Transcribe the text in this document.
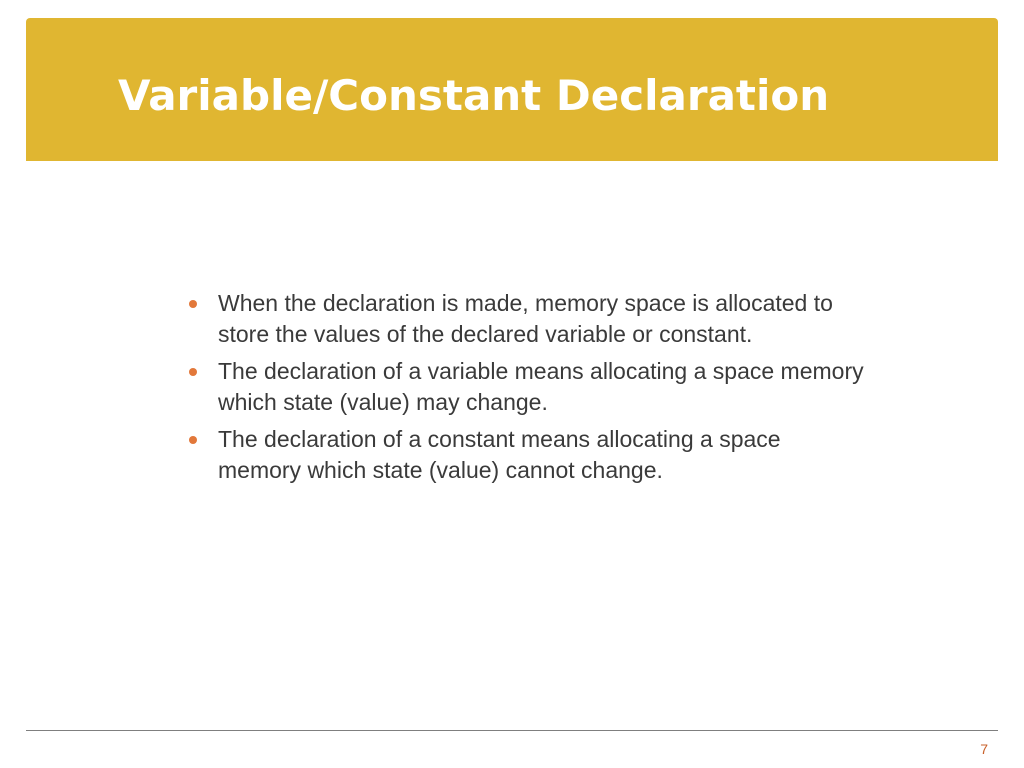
Variable/Constant Declaration
When the declaration is made, memory space is allocated to store the values of the declared variable or constant.
The declaration of a variable means allocating a space memory which state (value) may change.
The declaration of a constant means allocating a space memory which state (value) cannot change.
7
